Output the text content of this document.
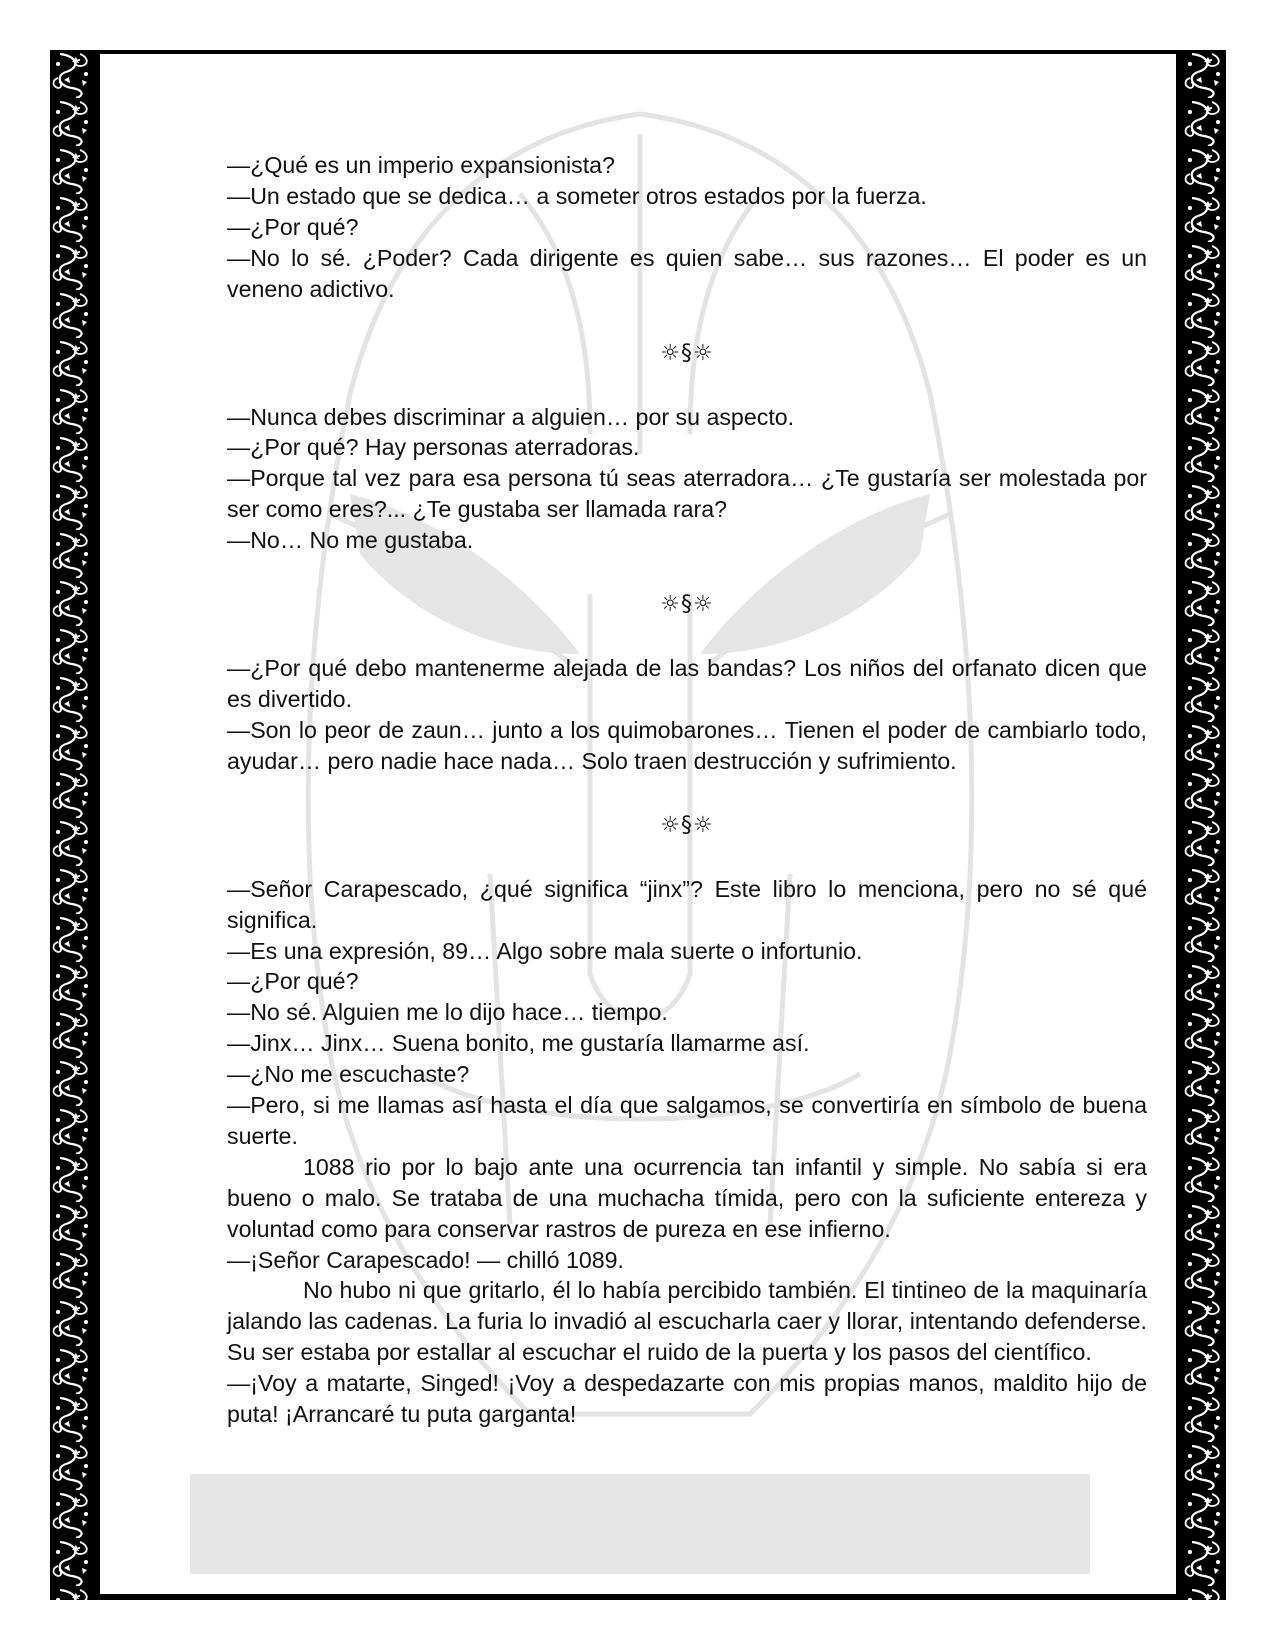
—¿Qué es un imperio expansionista?
—Un estado que se dedica… a someter otros estados por la fuerza.
—¿Por qué?
—No lo sé. ¿Poder? Cada dirigente es quien sabe… sus razones… El poder es un veneno adictivo.
☼§☼
—Nunca debes discriminar a alguien… por su aspecto.
—¿Por qué? Hay personas aterradoras.
—Porque tal vez para esa persona tú seas aterradora… ¿Te gustaría ser molestada por ser como eres?... ¿Te gustaba ser llamada rara?
—No… No me gustaba.
☼§☼
—¿Por qué debo mantenerme alejada de las bandas? Los niños del orfanato dicen que es divertido.
—Son lo peor de zaun… junto a los quimobarones… Tienen el poder de cambiarlo todo, ayudar… pero nadie hace nada… Solo traen destrucción y sufrimiento.
☼§☼
—Señor Carapescado, ¿qué significa “jinx”? Este libro lo menciona, pero no sé qué significa.
—Es una expresión, 89… Algo sobre mala suerte o infortunio.
—¿Por qué?
—No sé. Alguien me lo dijo hace… tiempo.
—Jinx… Jinx… Suena bonito, me gustaría llamarme así.
—¿No me escuchaste?
—Pero, si me llamas así hasta el día que salgamos, se convertiría en símbolo de buena suerte.
1088 rio por lo bajo ante una ocurrencia tan infantil y simple. No sabía si era bueno o malo. Se trataba de una muchacha tímida, pero con la suficiente entereza y voluntad como para conservar rastros de pureza en ese infierno.
—¡Señor Carapescado! — chilló 1089.
No hubo ni que gritarlo, él lo había percibido también. El tintineo de la maquinaría jalando las cadenas. La furia lo invadió al escucharla caer y llorar, intentando defenderse. Su ser estaba por estallar al escuchar el ruido de la puerta y los pasos del científico.
—¡Voy a matarte, Singed! ¡Voy a despedazarte con mis propias manos, maldito hijo de puta! ¡Arrancaré tu puta garganta!
